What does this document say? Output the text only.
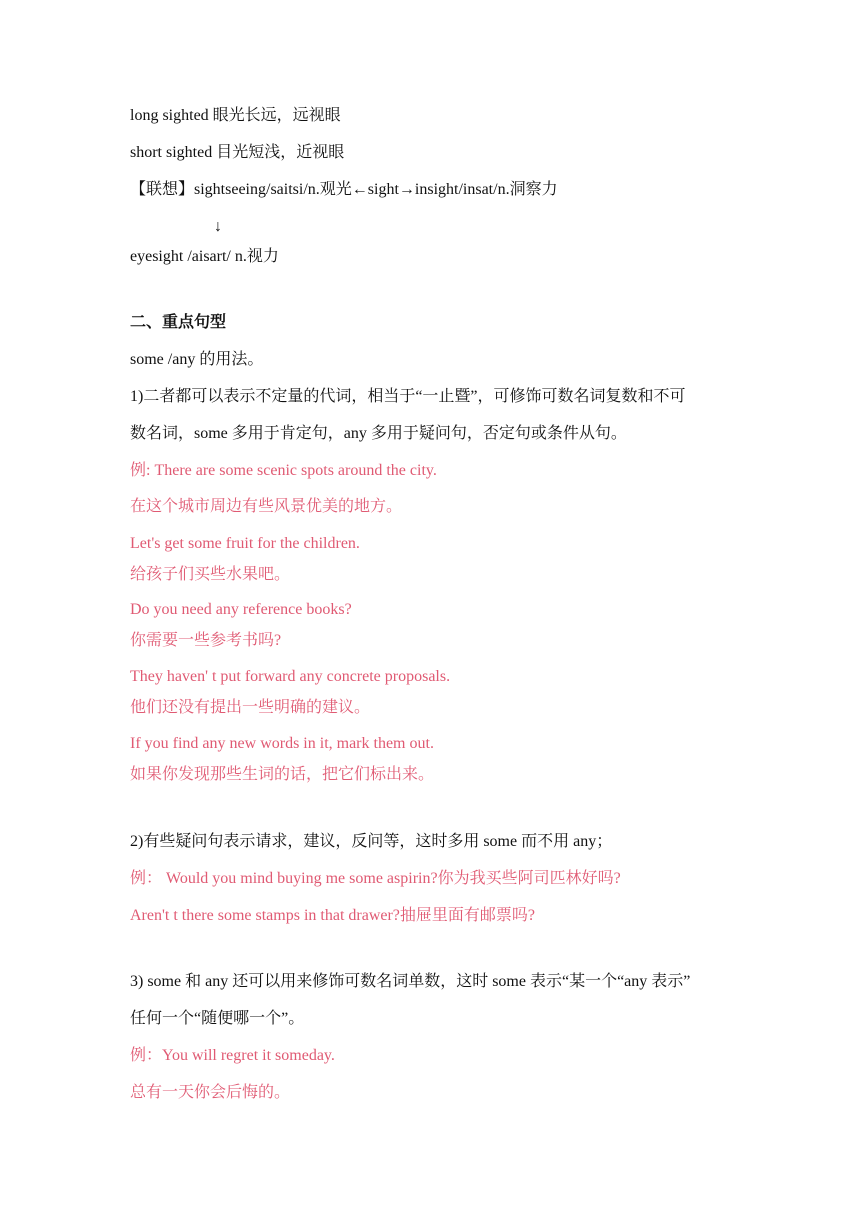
long sighted 眼光长远，远视眼
short sighted 目光短浅，近视眼
【联想】sightseeing/saitsi/n.观光←sight→insight/insat/n.洞察力
↓
eyesight /aisart/ n.视力
二、重点句型
some /any 的用法。
1)二者都可以表示不定量的代词，相当于“一止暨”，可修饰可数名词复数和不可
数名词，some 多用于肯定句，any 多用于疑问句，否定句或条件从句。
例: There are some scenic spots around the city.
在这个城市周边有些风景优美的地方。
Let's get some fruit for the children.
给孩子们买些水果吧。
Do you need any reference books?
你需要一些参考书吗?
They haven' t put forward any concrete proposals.
他们还没有提出一些明确的建议。
If you find any new words in it, mark them out.
如果你发现那些生词的话，把它们标出来。
2)有些疑问句表示请求，建议，反问等，这时多用 some 而不用 any；
例： Would you mind buying me some aspirin?你为我买些阿司匹林好吗?
Aren't t there some stamps in that drawer?抽屉里面有邮票吗?
3) some 和 any 还可以用来修饰可数名词单数，这时 some 表示“某一个“any 表示”
任何一个“随便哪一个”。
例：You will regret it someday.
总有一天你会后悔的。
